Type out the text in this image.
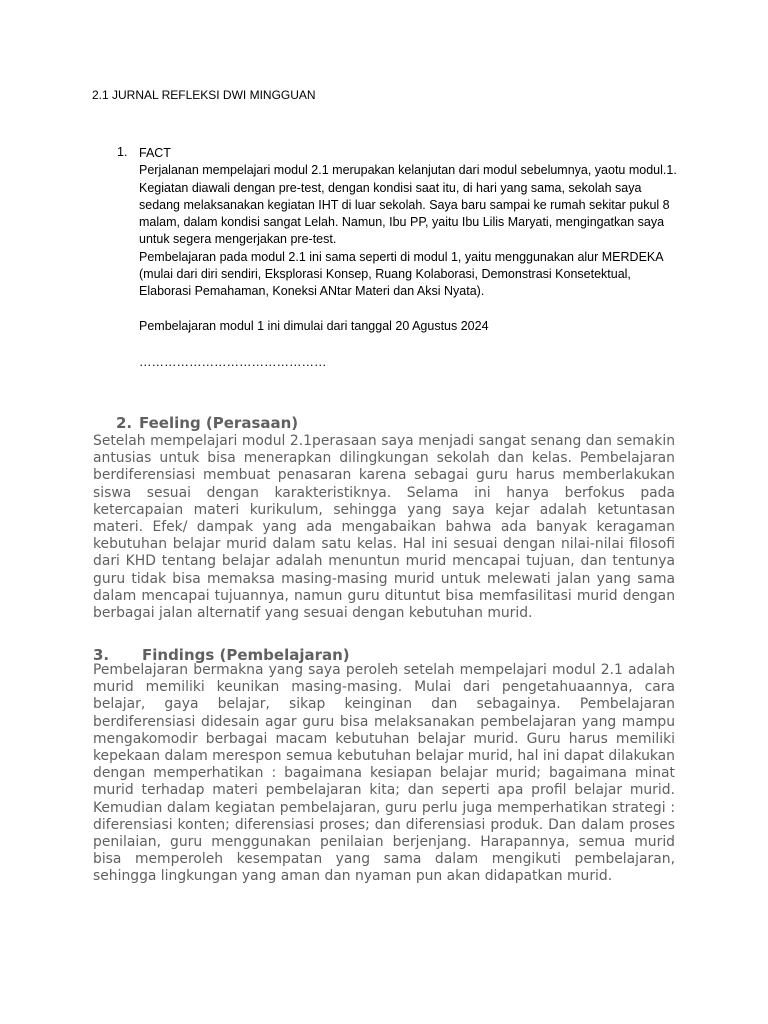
2.1 JURNAL REFLEKSI DWI MINGGUAN
1. FACT

Perjalanan mempelajari modul 2.1 merupakan kelanjutan dari modul sebelumnya, yaotu modul.1. Kegiatan diawali dengan pre-test, dengan kondisi saat itu, di hari yang sama, sekolah saya sedang melaksanakan kegiatan IHT di luar sekolah. Saya baru sampai ke rumah sekitar pukul 8 malam, dalam kondisi sangat Lelah. Namun, Ibu PP, yaitu Ibu Lilis Maryati, mengingatkan saya untuk segera mengerjakan pre-test.

Pembelajaran pada modul 2.1 ini sama seperti di modul 1, yaitu menggunakan alur MERDEKA (mulai dari diri sendiri, Eksplorasi Konsep, Ruang Kolaborasi, Demonstrasi Konsetektual, Elaborasi Pemahaman, Koneksi ANtar Materi dan Aksi Nyata).

Pembelajaran modul 1 ini dimulai dari tanggal 20 Agustus 2024

………………………………………

2. Feeling (Perasaan)
Setelah mempelajari modul 2.1perasaan saya menjadi sangat senang dan semakin antusias untuk bisa menerapkan dilingkungan sekolah dan kelas. Pembelajaran berdiferensiasi membuat penasaran karena sebagai guru harus memberlakukan siswa sesuai dengan karakteristiknya. Selama ini hanya berfokus pada ketercapaian materi kurikulum, sehingga yang saya kejar adalah ketuntasan materi. Efek/ dampak yang ada mengabaikan bahwa ada banyak keragaman kebutuhan belajar murid dalam satu kelas. Hal ini sesuai dengan nilai-nilai filosofi dari KHD tentang belajar adalah menuntun murid mencapai tujuan, dan tentunya guru tidak bisa memaksa masing-masing murid untuk melewati jalan yang sama dalam mencapai tujuannya, namun guru dituntut bisa memfasilitasi murid dengan berbagai jalan alternatif yang sesuai dengan kebutuhan murid.
3. Findings (Pembelajaran)
Pembelajaran bermakna yang saya peroleh setelah mempelajari modul 2.1 adalah murid memiliki keunikan masing-masing. Mulai dari pengetahuaannya, cara belajar, gaya belajar, sikap keinginan dan sebagainya. Pembelajaran berdiferensiasi didesain agar guru bisa melaksanakan pembelajaran yang mampu mengakomodir berbagai macam kebutuhan belajar murid. Guru harus memiliki kepekaan dalam merespon semua kebutuhan belajar murid, hal ini dapat dilakukan dengan memperhatikan : bagaimana kesiapan belajar murid; bagaimana minat murid terhadap materi pembelajaran kita; dan seperti apa profil belajar murid. Kemudian dalam kegiatan pembelajaran, guru perlu juga memperhatikan strategi : diferensiasi konten; diferensiasi proses; dan diferensiasi produk. Dan dalam proses penilaian, guru menggunakan penilaian berjenjang. Harapannya, semua murid bisa memperoleh kesempatan yang sama dalam mengikuti pembelajaran, sehingga lingkungan yang aman dan nyaman pun akan didapatkan murid.
